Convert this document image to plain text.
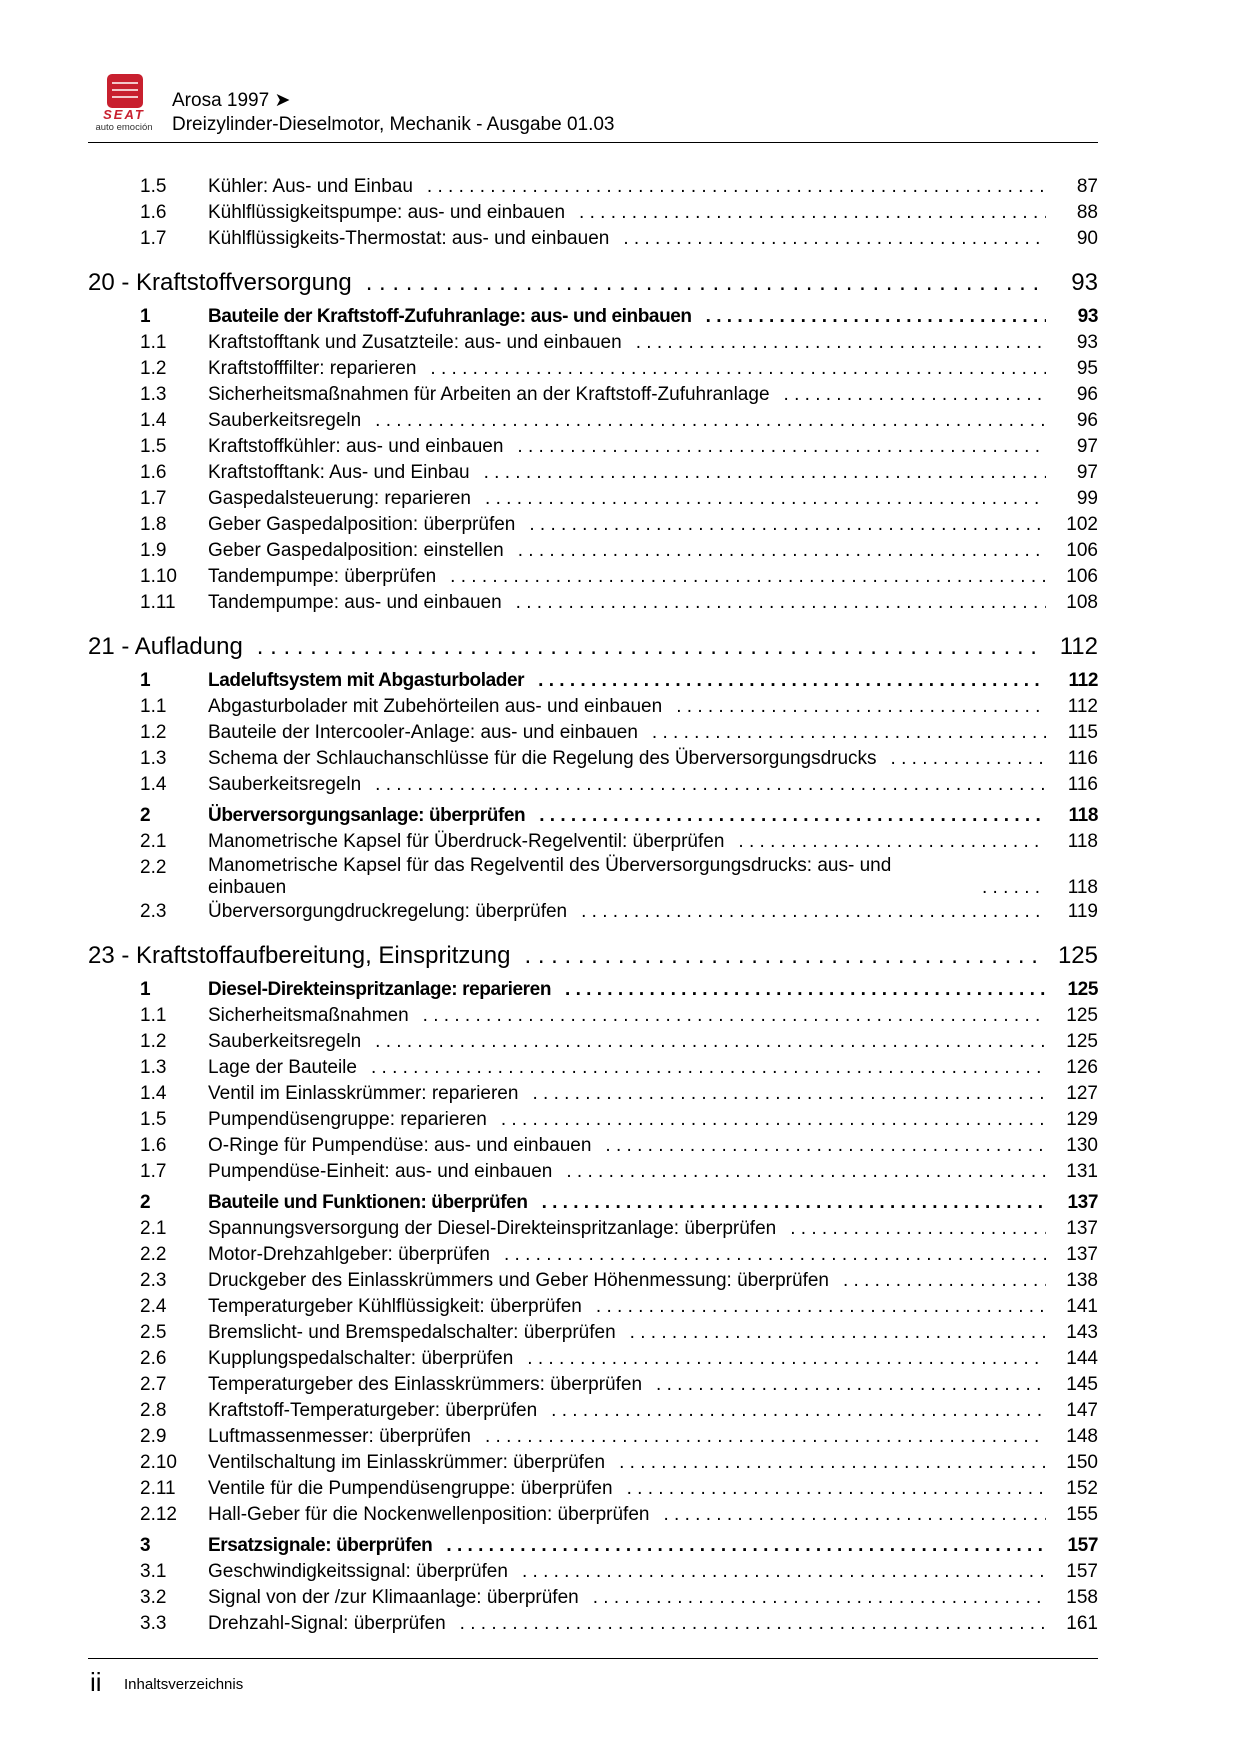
SEAT
auto emoción
Arosa 1997 ➤
Dreizylinder-Dieselmotor, Mechanik - Ausgabe 01.03
1.5	Kühler: Aus- und Einbau . . .	87
1.6	Kühlflüssigkeitspumpe: aus- und einbauen . . .	88
1.7	Kühlflüssigkeits-Thermostat: aus- und einbauen . . .	90
20 - Kraftstoffversorgung . . .	93
1	Bauteile der Kraftstoff-Zufuhranlage: aus- und einbauen . . .	93
1.1	Kraftstofftank und Zusatzteile: aus- und einbauen . . .	93
1.2	Kraftstofffilter: reparieren . . .	95
1.3	Sicherheitsmaßnahmen für Arbeiten an der Kraftstoff-Zufuhranlage . . .	96
1.4	Sauberkeitsregeln . . .	96
1.5	Kraftstoffkühler: aus- und einbauen . . .	97
1.6	Kraftstofftank: Aus- und Einbau . . .	97
1.7	Gaspedalsteuerung: reparieren . . .	99
1.8	Geber Gaspedalposition: überprüfen . . .	102
1.9	Geber Gaspedalposition: einstellen . . .	106
1.10	Tandempumpe: überprüfen . . .	106
1.11	Tandempumpe: aus- und einbauen . . .	108
21 - Aufladung . . .	112
1	Ladeluftsystem mit Abgasturbolader . . .	112
1.1	Abgasturbolader mit Zubehörteilen aus- und einbauen . . .	112
1.2	Bauteile der Intercooler-Anlage: aus- und einbauen . . .	115
1.3	Schema der Schlauchanschlüsse für die Regelung des Überversorgungsdrucks . . .	116
1.4	Sauberkeitsregeln . . .	116
2	Überversorgungsanlage: überprüfen . . .	118
2.1	Manometrische Kapsel für Überdruck-Regelventil: überprüfen . . .	118
2.2	Manometrische Kapsel für das Regelventil des Überversorgungsdrucks: aus- und einbauen . . .	118
2.3	Überversorgungdruckregelung: überprüfen . . .	119
23 - Kraftstoffaufbereitung, Einspritzung . . .	125
1	Diesel-Direkteinspritzanlage: reparieren . . .	125
1.1	Sicherheitsmaßnahmen . . .	125
1.2	Sauberkeitsregeln . . .	125
1.3	Lage der Bauteile . . .	126
1.4	Ventil im Einlasskrümmer: reparieren . . .	127
1.5	Pumpendüsengruppe: reparieren . . .	129
1.6	O-Ringe für Pumpendüse: aus- und einbauen . . .	130
1.7	Pumpendüse-Einheit: aus- und einbauen . . .	131
2	Bauteile und Funktionen: überprüfen . . .	137
2.1	Spannungsversorgung der Diesel-Direkteinspritzanlage: überprüfen . . .	137
2.2	Motor-Drehzahlgeber: überprüfen . . .	137
2.3	Druckgeber des Einlasskrümmers und Geber Höhenmessung: überprüfen . . .	138
2.4	Temperaturgeber Kühlflüssigkeit: überprüfen . . .	141
2.5	Bremslicht- und Bremspedalschalter: überprüfen . . .	143
2.6	Kupplungspedalschalter: überprüfen . . .	144
2.7	Temperaturgeber des Einlasskrümmers: überprüfen . . .	145
2.8	Kraftstoff-Temperaturgeber: überprüfen . . .	147
2.9	Luftmassenmesser: überprüfen . . .	148
2.10	Ventilschaltung im Einlasskrümmer: überprüfen . . .	150
2.11	Ventile für die Pumpendüsengruppe: überprüfen . . .	152
2.12	Hall-Geber für die Nockenwellenposition: überprüfen . . .	155
3	Ersatzsignale: überprüfen . . .	157
3.1	Geschwindigkeitssignal: überprüfen . . .	157
3.2	Signal von der /zur Klimaanlage: überprüfen . . .	158
3.3	Drehzahl-Signal: überprüfen . . .	161
ii Inhaltsverzeichnis
